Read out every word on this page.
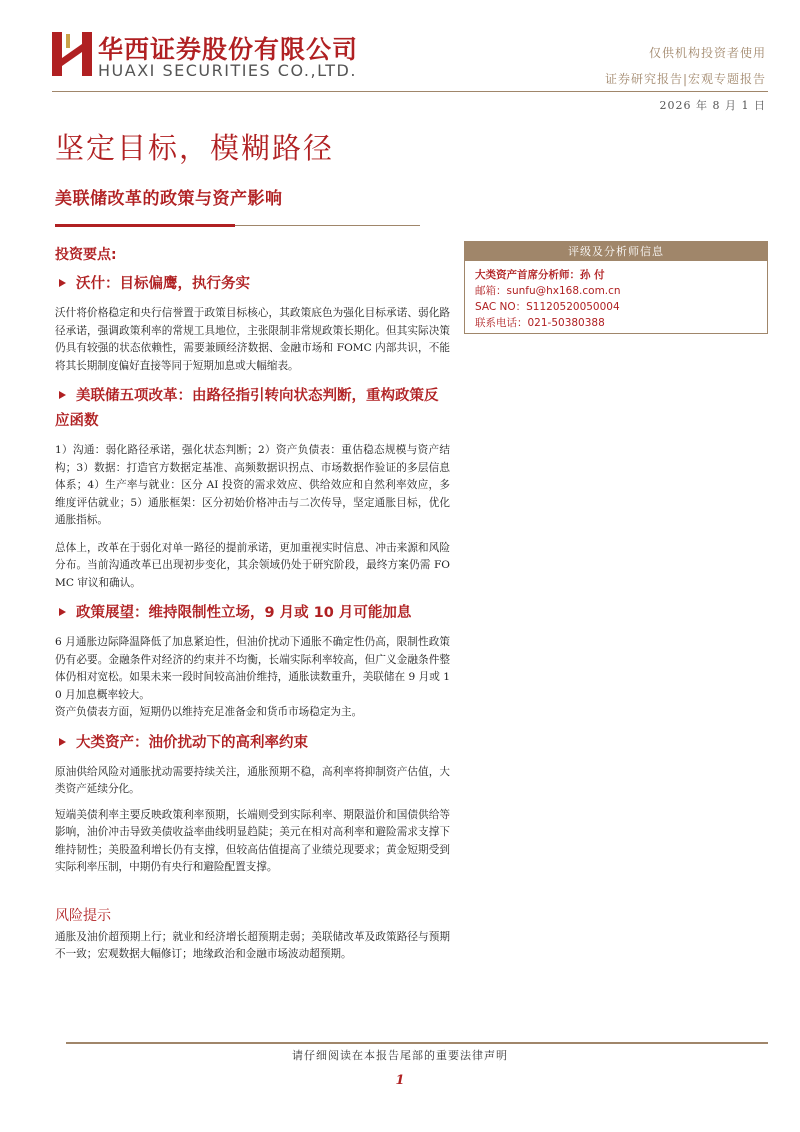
华西证券股份有限公司
HUAXI SECURITIES CO.,LTD.
仅供机构投资者使用
证券研究报告|宏观专题报告
2026 年 8 月 1 日
坚定目标，模糊路径
美联储改革的政策与资产影响
投资要点:
沃什：目标偏鹰，执行务实

沃什将价格稳定和央行信誉置于政策目标核心，其政策底色为强化目标承诺、弱化路径承诺，强调政策利率的常规工具地位，主张限制非常规政策长期化。但其实际决策仍具有较强的状态依赖性，需要兼顾经济数据、金融市场和 FOMC 内部共识，不能将其长期制度偏好直接等同于短期加息或大幅缩表。

美联储五项改革：由路径指引转向状态判断，重构政策反应函数

1）沟通：弱化路径承诺，强化状态判断；2）资产负债表：重估稳态规模与资产结构；3）数据：打造官方数据定基准、高频数据识拐点、市场数据作验证的多层信息体系；4）生产率与就业：区分 AI 投资的需求效应、供给效应和自然利率效应，多维度评估就业；5）通胀框架：区分初始价格冲击与二次传导，坚定通胀目标，优化通胀指标。

总体上，改革在于弱化对单一路径的提前承诺，更加重视实时信息、冲击来源和风险分布。当前沟通改革已出现初步变化，其余领域仍处于研究阶段，最终方案仍需 FOMC 审议和确认。

政策展望：维持限制性立场，9 月或 10 月可能加息

6 月通胀边际降温降低了加息紧迫性，但油价扰动下通胀不确定性仍高，限制性政策仍有必要。金融条件对经济的约束并不均衡，长端实际利率较高，但广义金融条件整体仍相对宽松。如果未来一段时间较高油价维持，通胀读数重升，美联储在 9 月或 10 月加息概率较大。

资产负债表方面，短期仍以维持充足准备金和货币市场稳定为主。

大类资产：油价扰动下的高利率约束

原油供给风险对通胀扰动需要持续关注，通胀预期不稳，高利率将抑制资产估值，大类资产延续分化。

短端美债利率主要反映政策利率预期，长端则受到实际利率、期限溢价和国债供给等影响，油价冲击导致美债收益率曲线明显趋陡；美元在相对高利率和避险需求支撑下维持韧性；美股盈利增长仍有支撑，但较高估值提高了业绩兑现要求；黄金短期受到实际利率压制，中期仍有央行和避险配置支撑。

风险提示

通胀及油价超预期上行；就业和经济增长超预期走弱；美联储改革及政策路径与预期不一致；宏观数据大幅修订；地缘政治和金融市场波动超预期。

评级及分析师信息
大类资产首席分析师：孙 付
邮箱：sunfu@hx168.com.cn
SAC NO：S1120520050004
联系电话：021-50380388
请仔细阅读在本报告尾部的重要法律声明
1
